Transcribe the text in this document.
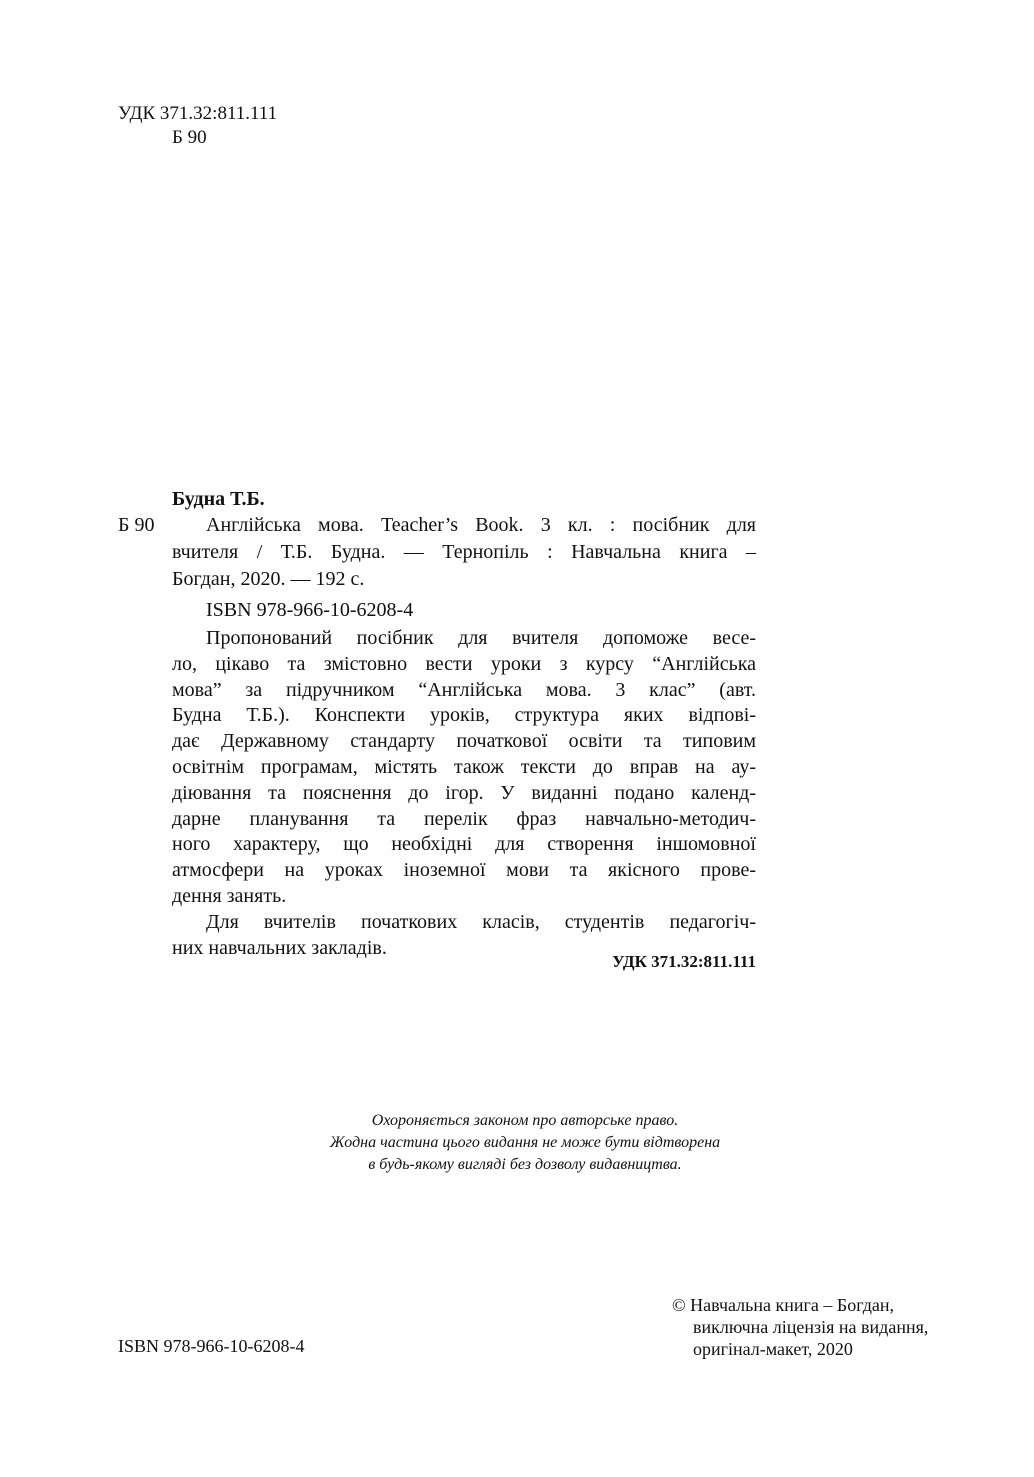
УДК 371.32:811.111
Б 90
Будна Т.Б.
Б 90	Англійська мова. Teacher’s Book. 3 кл. : посібник для
вчителя / Т.Б. Будна. — Тернопіль : Навчальна книга –
Богдан, 2020. — 192 с.
ISBN 978-966-10-6208-4
Пропонований посібник для вчителя допоможе весе-
ло, цікаво та змістовно вести уроки з курсу “Англійська
мова” за підручником “Англійська мова. 3 клас” (авт.
Будна Т.Б.). Конспекти уроків, структура яких відпові-
дає Державному стандарту початкової освіти та типовим
освітнім програмам, містять також тексти до вправ на ау-
діювання та пояснення до ігор. У виданні подано календ-
дарне планування та перелік фраз навчально-методич-
ного характеру, що необхідні для створення іншомовної
атмосфери на уроках іноземної мови та якісного прове-
дення занять.
Для вчителів початкових класів, студентів педагогіч-
них навчальних закладів.
УДК 371.32:811.111
Охороняється законом про авторське право.
Жодна частина цього видання не може бути відтворена
в будь-якому вигляді без дозволу видавництва.
ISBN 978-966-10-6208-4
© Навчальна книга – Богдан,
виключна ліцензія на видання,
оригінал-макет, 2020
